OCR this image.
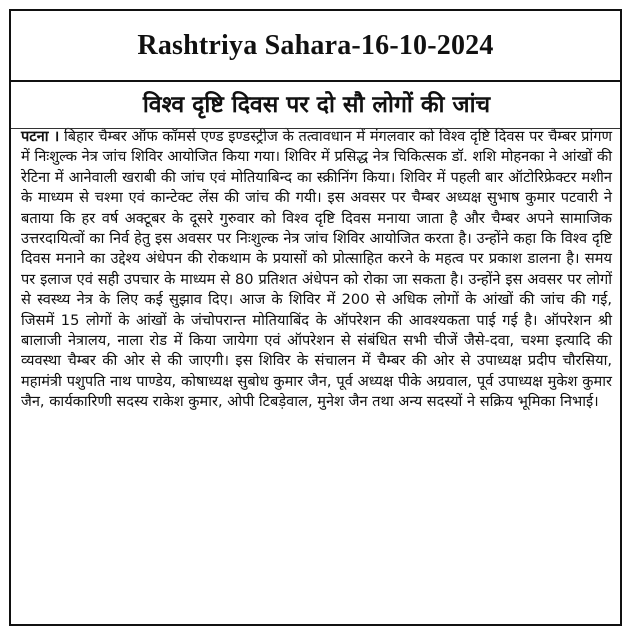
Rashtriya Sahara-16-10-2024
विश्व दृष्टि दिवस पर दो सौ लोगों की जांच

पटना । बिहार चैम्बर ऑफ कॉमर्स एण्ड इण्डस्ट्रीज के तत्वावधान में मंगलवार को विश्व दृष्टि दिवस पर चैम्बर प्रांगण में निःशुल्क नेत्र जांच शिविर आयोजित किया गया। शिविर में प्रसिद्ध नेत्र चिकित्सक डॉ. शशि मोहनका ने आंखों की रेटिना में आनेवाली खराबी की जांच एवं मोतियाबिन्द का स्क्रीनिंग किया। शिविर में पहली बार ऑटोरिफ्रेक्टर मशीन के माध्यम से चश्मा एवं कान्टेक्ट लेंस की जांच की गयी। इस अवसर पर चैम्बर अध्यक्ष सुभाष कुमार पटवारी ने बताया कि हर वर्ष अक्टूबर के दूसरे गुरुवार को विश्व दृष्टि दिवस मनाया जाता है और चैम्बर अपने सामाजिक उत्तरदायित्वों का निर्व हेतु इस अवसर पर निःशुल्क नेत्र जांच शिविर आयोजित करता है। उन्होंने कहा कि विश्व दृष्टि दिवस मनाने का उद्देश्य अंधेपन की रोकथाम के प्रयासों को प्रोत्साहित करने के महत्व पर प्रकाश डालना है। समय पर इलाज एवं सही उपचार के माध्यम से 80 प्रतिशत अंधेपन को रोका जा सकता है। उन्होंने इस अवसर पर लोगों से स्वस्थ्य नेत्र के लिए कई सुझाव दिए। आज के शिविर में 200 से अधिक लोगों के आंखों की जांच की गई, जिसमें 15 लोगों के आंखों के जंचोपरान्त मोतियाबिंद के ऑपरेशन की आवश्यकता पाई गई है। ऑपरेशन श्री बालाजी नेत्रालय, नाला रोड में किया जायेगा एवं ऑपरेशन से संबंधित सभी चीजें जैसे-दवा, चश्मा इत्यादि की व्यवस्था चैम्बर की ओर से की जाएगी। इस शिविर के संचालन में चैम्बर की ओर से उपाध्यक्ष प्रदीप चौरसिया, महामंत्री पशुपति नाथ पाण्डेय, कोषाध्यक्ष सुबोध कुमार जैन, पूर्व अध्यक्ष पीके अग्रवाल, पूर्व उपाध्यक्ष मुकेश कुमार जैन, कार्यकारिणी सदस्य राकेश कुमार, ओपी टिबड़ेवाल, मुनेश जैन तथा अन्य सदस्यों ने सक्रिय भूमिका निभाई।
